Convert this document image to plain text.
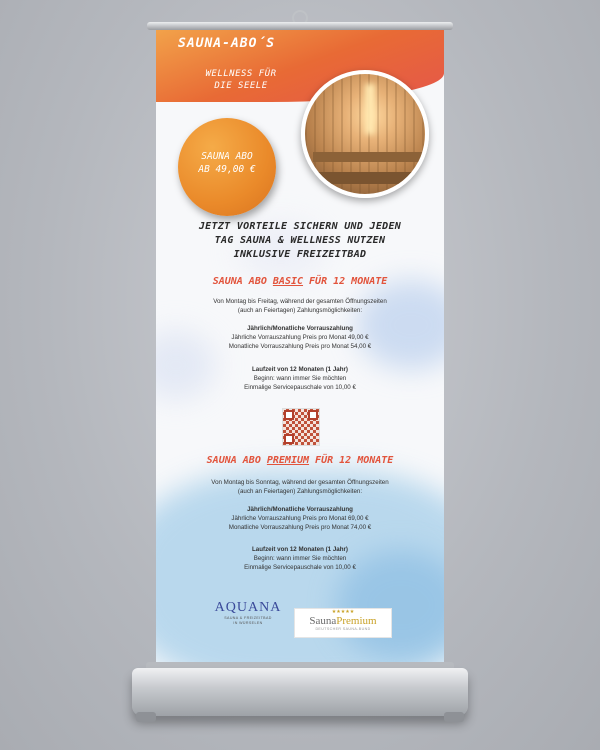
SAUNA-ABO´S
WELLNESS FÜR
DIE SEELE
SAUNA ABO
AB 49,00 €
JETZT VORTEILE SICHERN UND JEDEN
TAG SAUNA & WELLNESS NUTZEN
INKLUSIVE FREIZEITBAD
SAUNA ABO BASIC FÜR 12 MONATE
Von Montag bis Freitag, während der gesamten Öffnungszeiten
(auch an Feiertagen) Zahlungsmöglichkeiten:
Jährlich/Monatliche Vorrauszahlung
Jährliche Vorrauszahlung Preis pro Monat 49,00 €
Monatliche Vorrauszahlung Preis pro Monat 54,00 €
Laufzeit von 12 Monaten (1 Jahr)
Beginn: wann immer Sie möchten
Einmalige Servicepauschale von 10,00 €
SAUNA ABO PREMIUM FÜR 12 MONATE
Von Montag bis Sonntag, während der gesamten Öffnungszeiten
(auch an Feiertagen) Zahlungsmöglichkeiten:
Jährlich/Monatliche Vorrauszahlung
Jährliche Vorrauszahlung Preis pro Monat 69,00 €
Monatliche Vorrauszahlung Preis pro Monat 74,00 €
Laufzeit von 12 Monaten (1 Jahr)
Beginn: wann immer Sie möchten
Einmalige Servicepauschale von 10,00 €
AQUANA
SAUNA & FREIZEITBAD
IN WÜRSELEN
★★★★★
SaunaPremium
DEUTSCHER SAUNA-BUND
